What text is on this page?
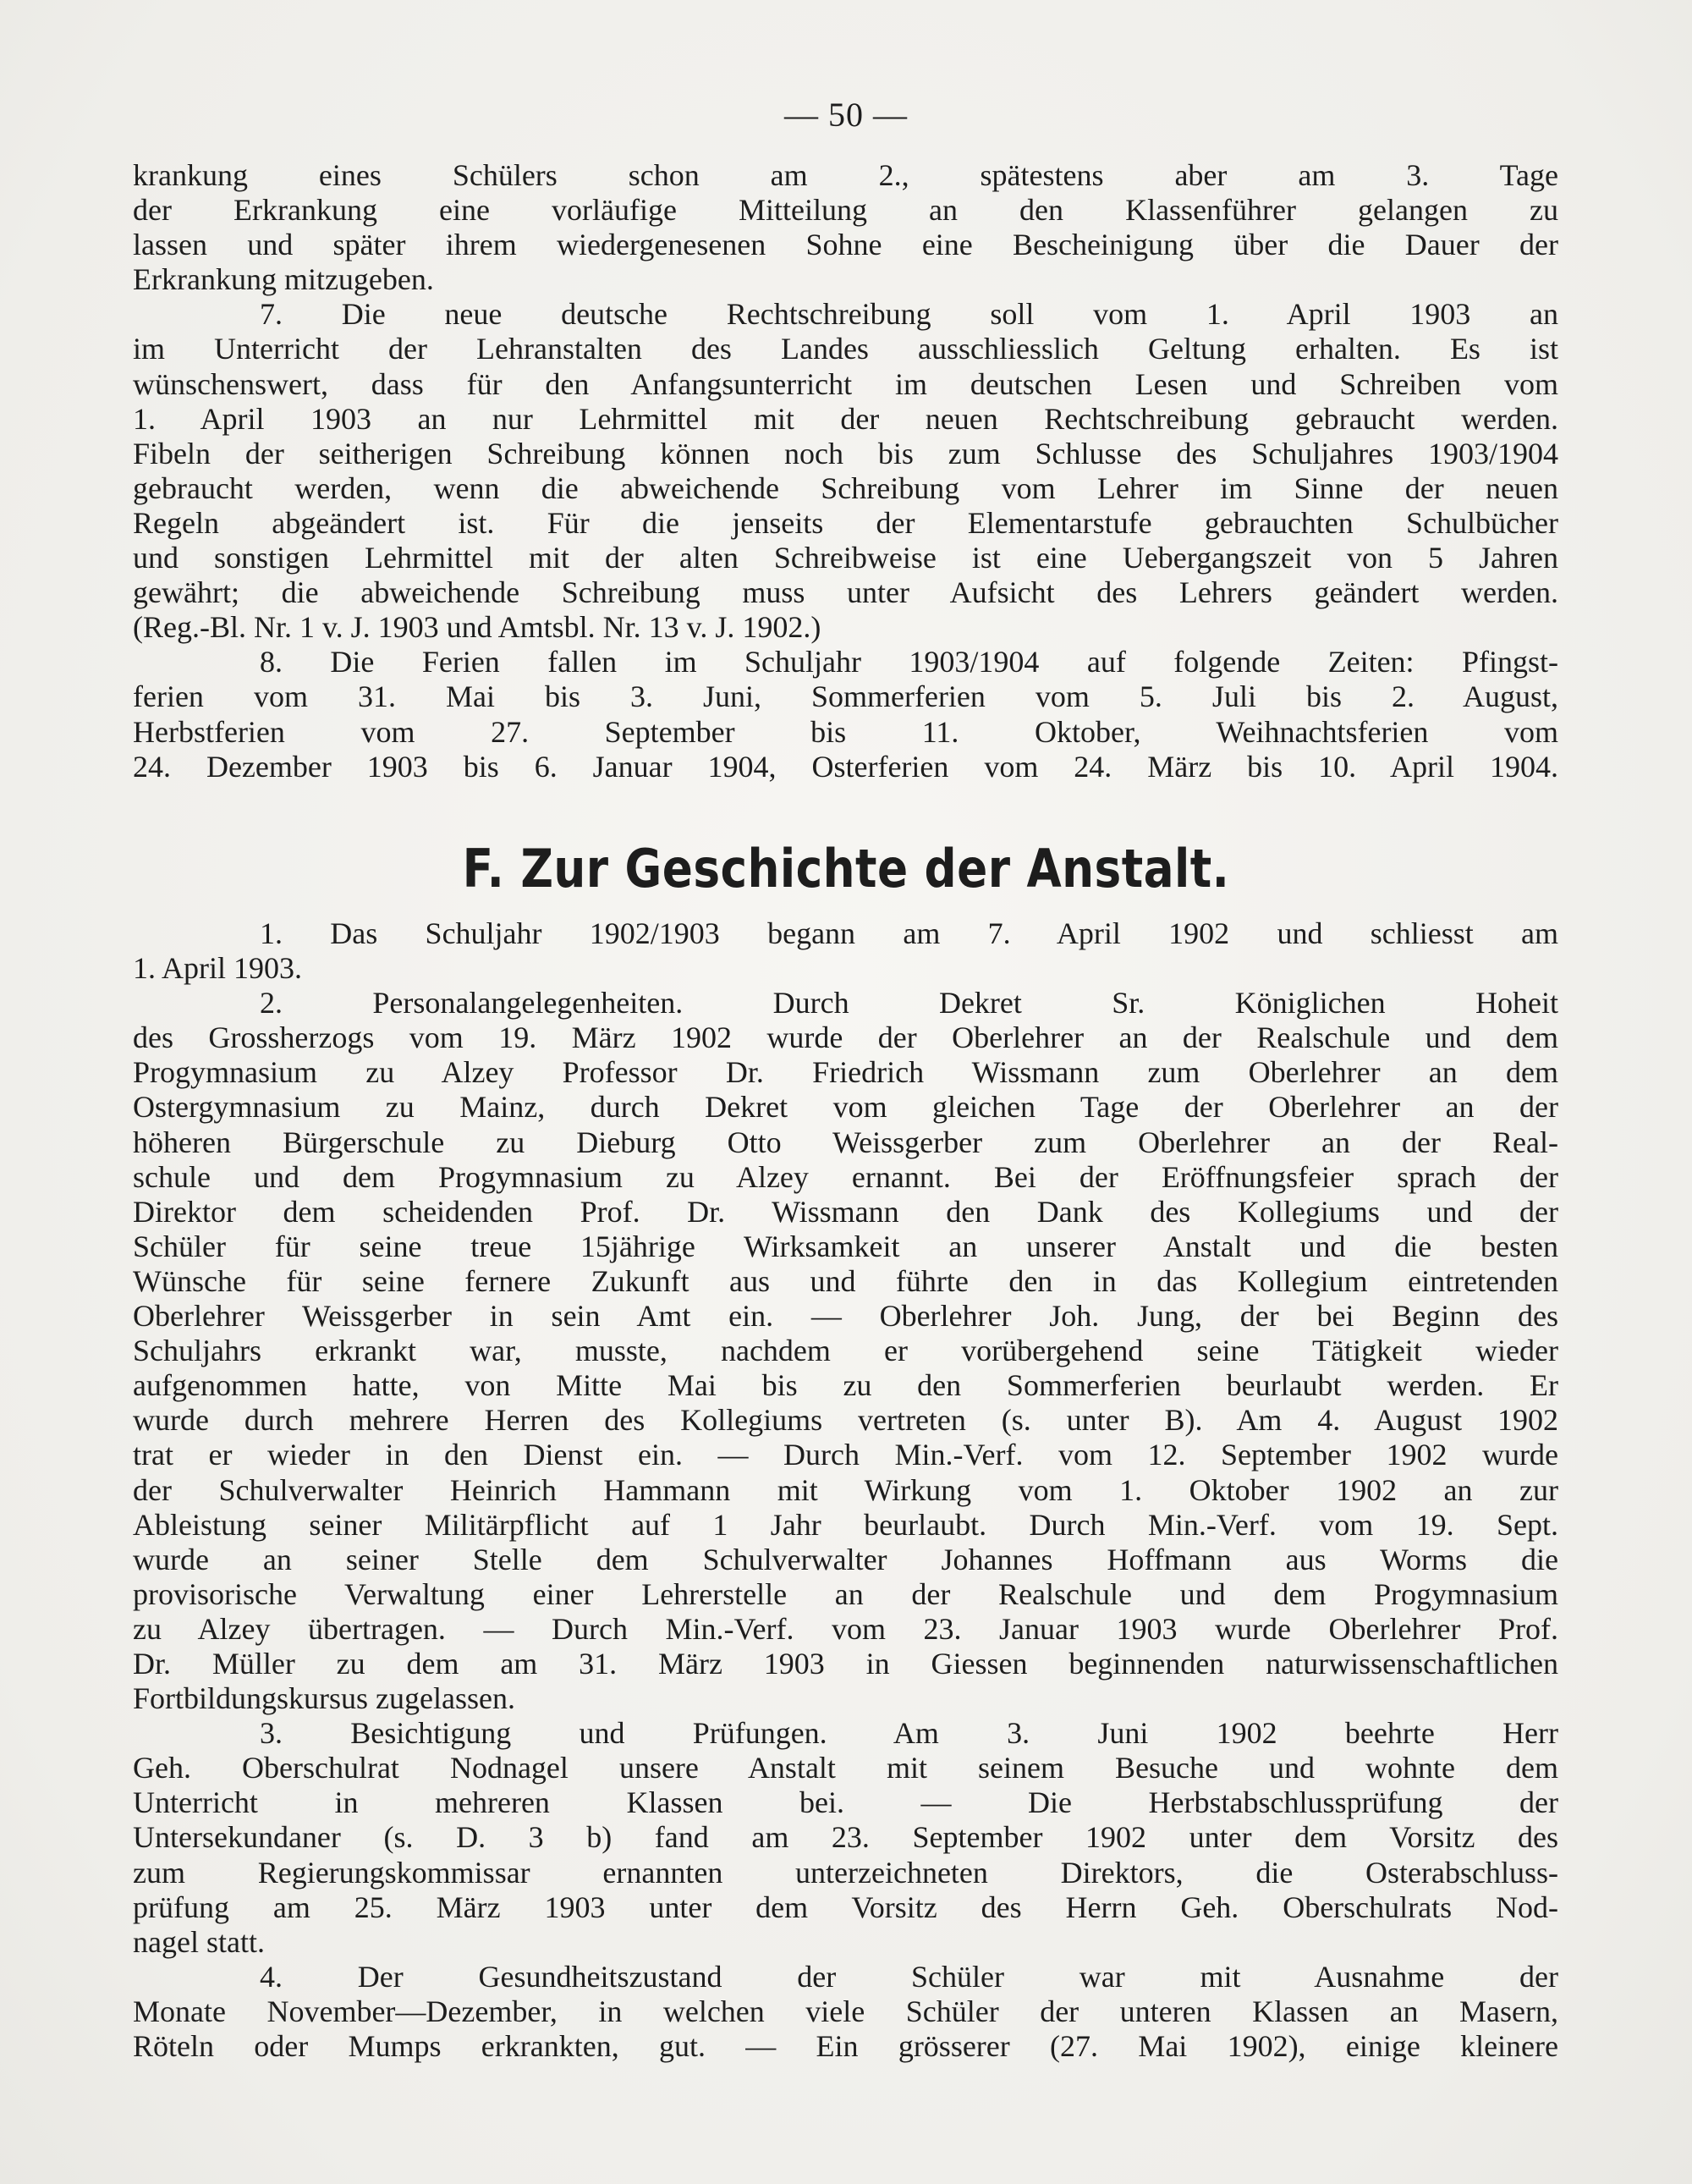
— 50 —
krankung eines Schülers schon am 2., spätestens aber am 3. Tage
der Erkrankung eine vorläufige Mitteilung an den Klassenführer gelangen zu
lassen und später ihrem wiedergenesenen Sohne eine Bescheinigung über die Dauer der
Erkrankung mitzugeben.
7. Die neue deutsche Rechtschreibung soll vom 1. April 1903 an
im Unterricht der Lehranstalten des Landes ausschliesslich Geltung erhalten. Es ist
wünschenswert, dass für den Anfangsunterricht im deutschen Lesen und Schreiben vom
1. April 1903 an nur Lehrmittel mit der neuen Rechtschreibung gebraucht werden.
Fibeln der seitherigen Schreibung können noch bis zum Schlusse des Schuljahres 1903/1904
gebraucht werden, wenn die abweichende Schreibung vom Lehrer im Sinne der neuen
Regeln abgeändert ist. Für die jenseits der Elementarstufe gebrauchten Schulbücher
und sonstigen Lehrmittel mit der alten Schreibweise ist eine Uebergangszeit von 5 Jahren
gewährt; die abweichende Schreibung muss unter Aufsicht des Lehrers geändert werden.
(Reg.-Bl. Nr. 1 v. J. 1903 und Amtsbl. Nr. 13 v. J. 1902.)
8. Die Ferien fallen im Schuljahr 1903/1904 auf folgende Zeiten: Pfingst-
ferien vom 31. Mai bis 3. Juni, Sommerferien vom 5. Juli bis 2. August,
Herbstferien vom 27. September bis 11. Oktober, Weihnachtsferien vom
24. Dezember 1903 bis 6. Januar 1904, Osterferien vom 24. März bis 10. April 1904.
F. Zur Geschichte der Anstalt.
1. Das Schuljahr 1902/1903 begann am 7. April 1902 und schliesst am
1. April 1903.
2. Personalangelegenheiten. Durch Dekret Sr. Königlichen Hoheit
des Grossherzogs vom 19. März 1902 wurde der Oberlehrer an der Realschule und dem
Progymnasium zu Alzey Professor Dr. Friedrich Wissmann zum Oberlehrer an dem
Ostergymnasium zu Mainz, durch Dekret vom gleichen Tage der Oberlehrer an der
höheren Bürgerschule zu Dieburg Otto Weissgerber zum Oberlehrer an der Real-
schule und dem Progymnasium zu Alzey ernannt. Bei der Eröffnungsfeier sprach der
Direktor dem scheidenden Prof. Dr. Wissmann den Dank des Kollegiums und der
Schüler für seine treue 15jährige Wirksamkeit an unserer Anstalt und die besten
Wünsche für seine fernere Zukunft aus und führte den in das Kollegium eintretenden
Oberlehrer Weissgerber in sein Amt ein. — Oberlehrer Joh. Jung, der bei Beginn des
Schuljahrs erkrankt war, musste, nachdem er vorübergehend seine Tätigkeit wieder
aufgenommen hatte, von Mitte Mai bis zu den Sommerferien beurlaubt werden. Er
wurde durch mehrere Herren des Kollegiums vertreten (s. unter B). Am 4. August 1902
trat er wieder in den Dienst ein. — Durch Min.-Verf. vom 12. September 1902 wurde
der Schulverwalter Heinrich Hammann mit Wirkung vom 1. Oktober 1902 an zur
Ableistung seiner Militärpflicht auf 1 Jahr beurlaubt. Durch Min.-Verf. vom 19. Sept.
wurde an seiner Stelle dem Schulverwalter Johannes Hoffmann aus Worms die
provisorische Verwaltung einer Lehrerstelle an der Realschule und dem Progymnasium
zu Alzey übertragen. — Durch Min.-Verf. vom 23. Januar 1903 wurde Oberlehrer Prof.
Dr. Müller zu dem am 31. März 1903 in Giessen beginnenden naturwissenschaftlichen
Fortbildungskursus zugelassen.
3. Besichtigung und Prüfungen. Am 3. Juni 1902 beehrte Herr
Geh. Oberschulrat Nodnagel unsere Anstalt mit seinem Besuche und wohnte dem
Unterricht in mehreren Klassen bei. — Die Herbstabschlussprüfung der
Untersekundaner (s. D. 3 b) fand am 23. September 1902 unter dem Vorsitz des
zum Regierungskommissar ernannten unterzeichneten Direktors, die Osterabschluss-
prüfung am 25. März 1903 unter dem Vorsitz des Herrn Geh. Oberschulrats Nod-
nagel statt.
4. Der Gesundheitszustand der Schüler war mit Ausnahme der
Monate November—Dezember, in welchen viele Schüler der unteren Klassen an Masern,
Röteln oder Mumps erkrankten, gut. — Ein grösserer (27. Mai 1902), einige kleinere
